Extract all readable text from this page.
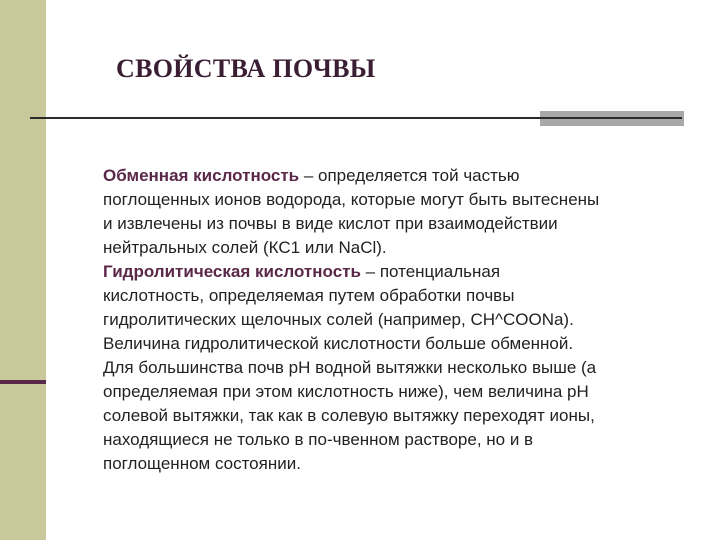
СВОЙСТВА ПОЧВЫ

Обменная кислотность – определяется той частью

поглощенных ионов водорода, которые могут быть вытеснены

и извлечены из почвы в виде кислот при взаимодействии

нейтральных солей (КС1 или NaCl).

Гидролитическая кислотность – потенциальная

кислотность, определяемая путем обработки почвы

гидролитических щелочных солей (например, CH^COONa).

Величина гидролитической кислотности больше обменной.

Для большинства почв рН водной вытяжки несколько выше (а

определяемая при этом кислотность ниже), чем величина рН

солевой вытяжки, так как в солевую вытяжку переходят ионы,

находящиеся не только в по-чвенном растворе, но и в

поглощенном состоянии.
